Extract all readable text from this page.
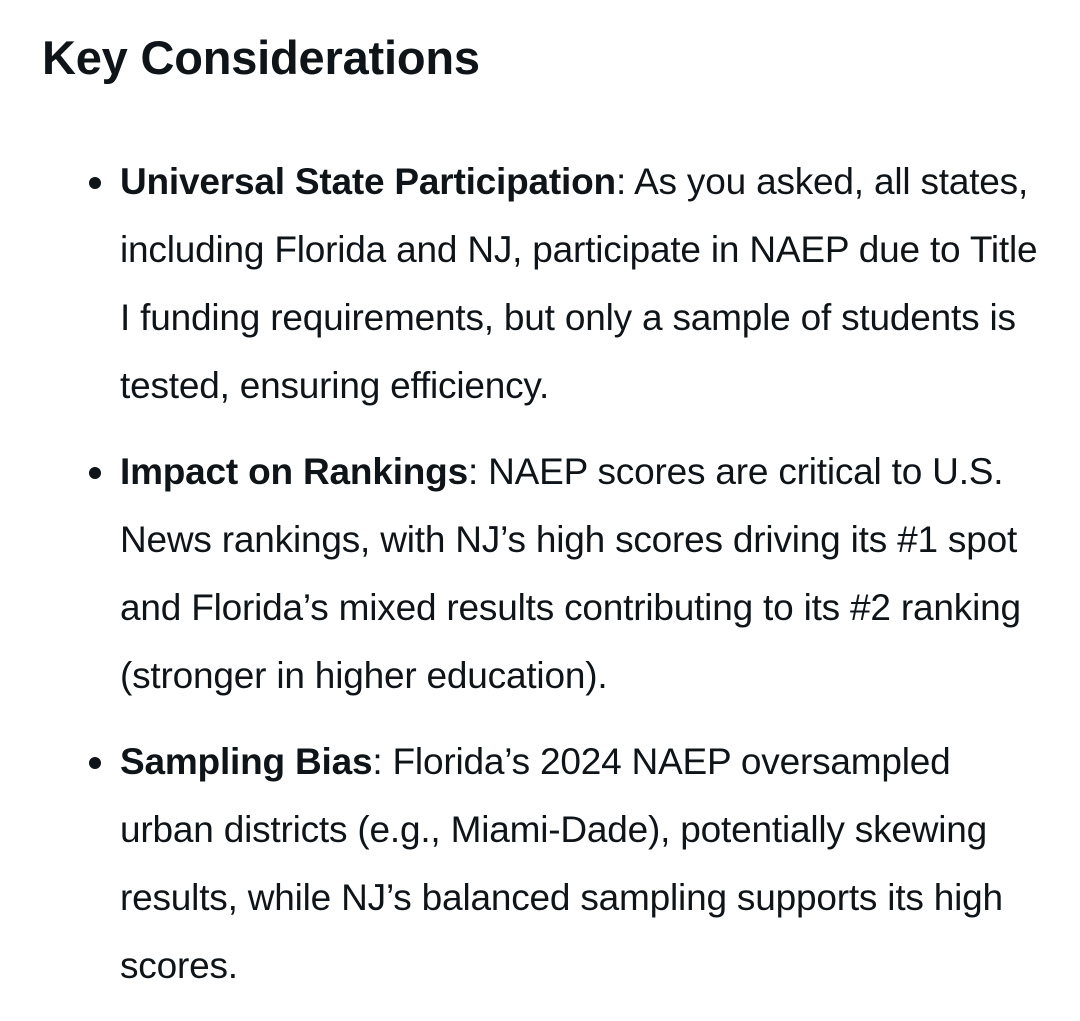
Key Considerations
Universal State Participation: As you asked, all states, including Florida and NJ, participate in NAEP due to Title I funding requirements, but only a sample of students is tested, ensuring efficiency.
Impact on Rankings: NAEP scores are critical to U.S. News rankings, with NJ’s high scores driving its #1 spot and Florida’s mixed results contributing to its #2 ranking (stronger in higher education).
Sampling Bias: Florida’s 2024 NAEP oversampled urban districts (e.g., Miami-Dade), potentially skewing results, while NJ’s balanced sampling supports its high scores.
